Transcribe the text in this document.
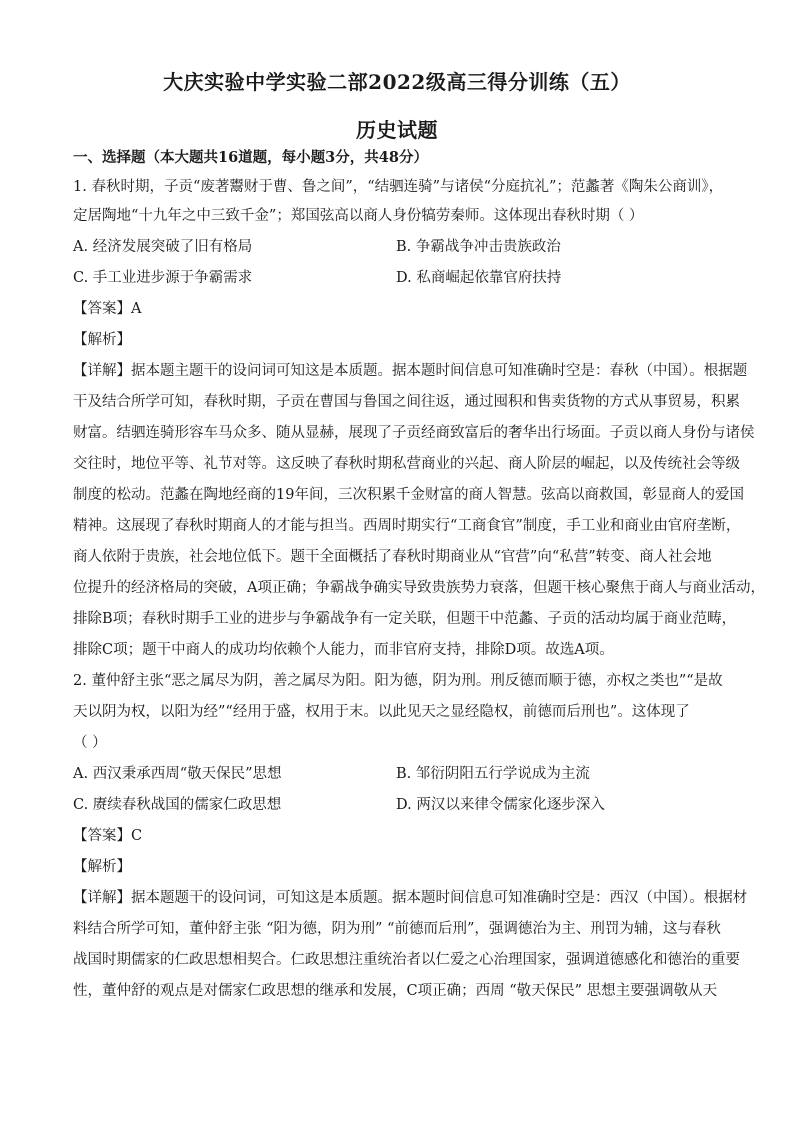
大庆实验中学实验二部2022级高三得分训练（五）
历史试题
一、选择题（本大题共16道题，每小题3分，共48分）
1. 春秋时期，子贡“废著鬻财于曹、鲁之间”，“结驷连骑”与诸侯“分庭抗礼”；范蠡著《陶朱公商训》，
定居陶地“十九年之中三致千金”；郑国弦高以商人身份犒劳秦师。这体现出春秋时期（ ）
A. 经济发展突破了旧有格局	B. 争霸战争冲击贵族政治
C. 手工业进步源于争霸需求	D. 私商崛起依靠官府扶持
【答案】A
【解析】
【详解】据本题主题干的设问词可知这是本质题。据本题时间信息可知准确时空是：春秋（中国）。根据题
干及结合所学可知，春秋时期，子贡在曹国与鲁国之间往返，通过囤积和售卖货物的方式从事贸易，积累
财富。结驷连骑形容车马众多、随从显赫，展现了子贡经商致富后的奢华出行场面。子贡以商人身份与诸侯
交往时，地位平等、礼节对等。这反映了春秋时期私营商业的兴起、商人阶层的崛起，以及传统社会等级
制度的松动。范蠡在陶地经商的19年间，三次积累千金财富的商人智慧。弦高以商救国，彰显商人的爱国
精神。这展现了春秋时期商人的才能与担当。西周时期实行“工商食官”制度，手工业和商业由官府垄断，
商人依附于贵族，社会地位低下。题干全面概括了春秋时期商业从“官营”向“私营”转变、商人社会地
位提升的经济格局的突破，A项正确；争霸战争确实导致贵族势力衰落，但题干核心聚焦于商人与商业活动，
排除B项；春秋时期手工业的进步与争霸战争有一定关联，但题干中范蠡、子贡的活动均属于商业范畴，
排除C项；题干中商人的成功均依赖个人能力，而非官府支持，排除D项。故选A项。
2. 董仲舒主张“恶之属尽为阴，善之属尽为阳。阳为德，阴为刑。刑反德而顺于德，亦权之类也”“是故
天以阴为权，以阳为经”“经用于盛，权用于末。以此见天之显经隐权，前德而后刑也”。这体现了
（ ）
A. 西汉秉承西周“敬天保民”思想	B. 邹衍阴阳五行学说成为主流
C. 赓续春秋战国的儒家仁政思想	D. 两汉以来律令儒家化逐步深入
【答案】C
【解析】
【详解】据本题题干的设问词，可知这是本质题。据本题时间信息可知准确时空是：西汉（中国）。根据材
料结合所学可知，董仲舒主张 “阳为德，阴为刑” “前德而后刑”，强调德治为主、刑罚为辅，这与春秋
战国时期儒家的仁政思想相契合。仁政思想注重统治者以仁爱之心治理国家，强调道德感化和德治的重要
性，董仲舒的观点是对儒家仁政思想的继承和发展，C项正确；西周 “敬天保民” 思想主要强调敬从天
